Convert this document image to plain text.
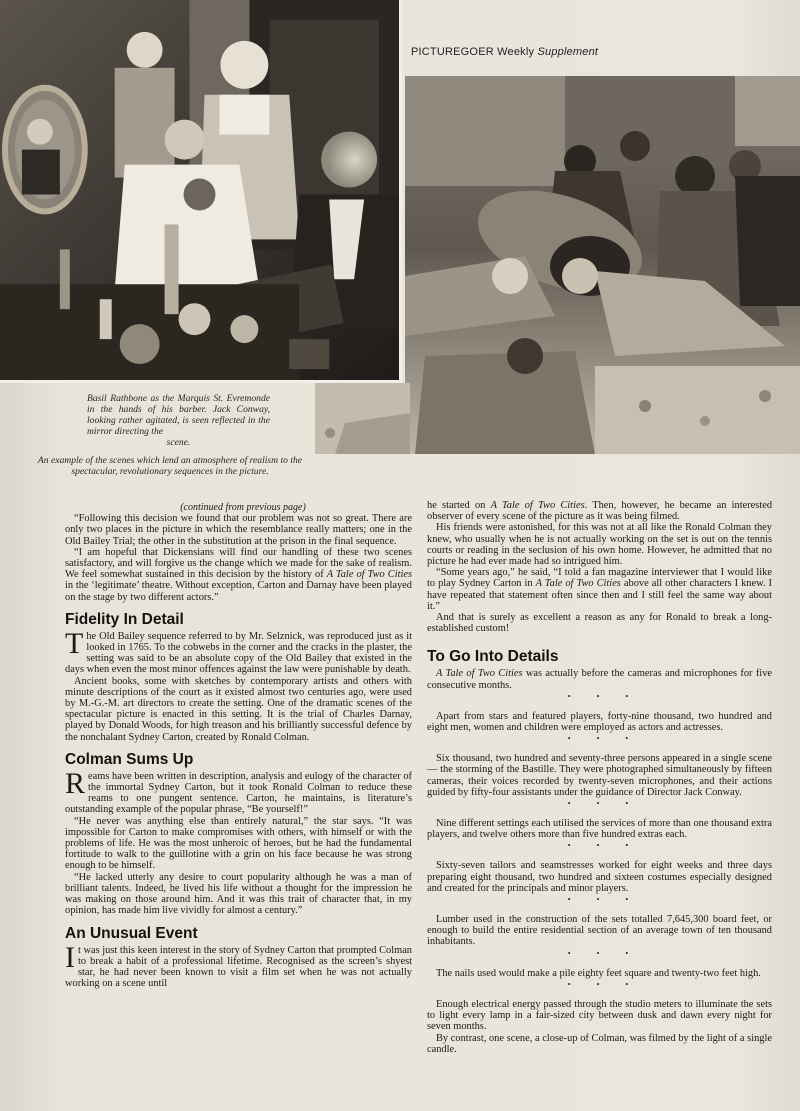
PICTUREGOER Weekly Supplement
Basil Rathbone as the Marquis St. Evremonde in the hands of his barber. Jack Conway, looking rather agitated, is seen reflected in the mirror directing the
scene.
An example of the scenes which lend an atmosphere of realism to the spectacular, revolutionary sequences in the picture.

(continued from previous page)

“Following this decision we found that our problem was not so great. There are only two places in the picture in which the resemblance really matters; one in the Old Bailey Trial; the other in the substitution at the prison in the final sequence.

“I am hopeful that Dickensians will find our handling of these two scenes satisfactory, and will forgive us the change which we made for the sake of realism. We feel somewhat sustained in this decision by the history of A Tale of Two Cities in the ‘legitimate’ theatre. Without exception, Carton and Darnay have been played on the stage by two different actors.”

Fidelity In Detail

The Old Bailey sequence referred to by Mr. Selznick, was reproduced just as it looked in 1765. To the cobwebs in the corner and the cracks in the plaster, the setting was said to be an absolute copy of the Old Bailey that existed in the days when even the most minor offences against the law were punishable by death.

Ancient books, some with sketches by contemporary artists and others with minute descriptions of the court as it existed almost two centuries ago, were used by M.-G.-M. art directors to create the setting. One of the dramatic scenes of the spectacular picture is enacted in this setting. It is the trial of Charles Darnay, played by Donald Woods, for high treason and his brilliantly successful defence by the nonchalant Sydney Carton, created by Ronald Colman.

Colman Sums Up

Reams have been written in description, analysis and eulogy of the character of the immortal Sydney Carton, but it took Ronald Colman to reduce these reams to one pungent sentence. Carton, he maintains, is literature’s outstanding example of the popular phrase, “Be yourself!”

“He never was anything else than entirely natural,” the star says. “It was impossible for Carton to make compromises with others, with himself or with the problems of life. He was the most unheroic of heroes, but he had the fundamental fortitude to walk to the guillotine with a grin on his face because he was strong enough to be himself.

“He lacked utterly any desire to court popularity although he was a man of brilliant talents. Indeed, he lived his life without a thought for the impression he was making on those around him. And it was this trait of character that, in my opinion, has made him live vividly for almost a century.”

An Unusual Event

It was just this keen interest in the story of Sydney Carton that prompted Colman to break a habit of a professional lifetime. Recognised as the screen’s shyest star, he had never been known to visit a film set when he was not actually working on a scene until

he started on A Tale of Two Cities. Then, however, he became an interested observer of every scene of the picture as it was being filmed.

His friends were astonished, for this was not at all like the Ronald Colman they knew, who usually when he is not actually working on the set is out on the tennis courts or reading in the seclusion of his own home. However, he admitted that no picture he had ever made had so intrigued him.

“Some years ago,” he said, “I told a fan magazine interviewer that I would like to play Sydney Carton in A Tale of Two Cities above all other characters I knew. I have repeated that statement often since then and I still feel the same way about it.”

And that is surely as excellent a reason as any for Ronald to break a long-established custom!

To Go Into Details

A Tale of Two Cities was actually before the cameras and microphones for five consecutive months.

• • •

Apart from stars and featured players, forty-nine thousand, two hundred and eight men, women and children were employed as actors and actresses.

• • •

Six thousand, two hundred and seventy-three persons appeared in a single scene— the storming of the Bastille. They were photographed simultaneously by fifteen cameras, their voices recorded by twenty-seven microphones, and their actions guided by fifty-four assistants under the guidance of Director Jack Conway.

• • •

Nine different settings each utilised the services of more than one thousand extra players, and twelve others more than five hundred extras each.

• • •

Sixty-seven tailors and seamstresses worked for eight weeks and three days preparing eight thousand, two hundred and sixteen costumes especially designed and created for the principals and minor players.

• • •

Lumber used in the construction of the sets totalled 7,645,300 board feet, or enough to build the entire residential section of an average town of ten thousand inhabitants.

• • •

The nails used would make a pile eighty feet square and twenty-two feet high.

• • •

Enough electrical energy passed through the studio meters to illuminate the sets to light every lamp in a fair-sized city between dusk and dawn every night for seven months.

By contrast, one scene, a close-up of Colman, was filmed by the light of a single candle.
